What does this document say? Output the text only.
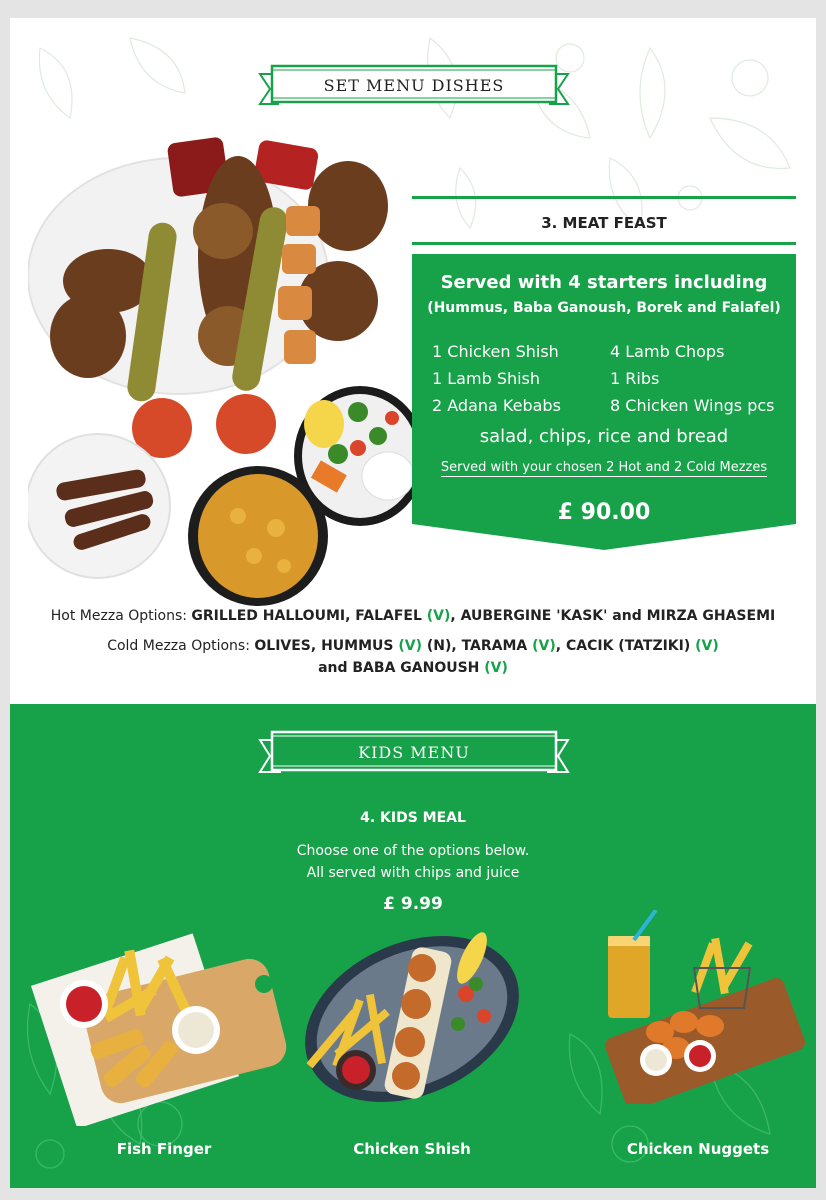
SET MENU DISHES
3. MEAT FEAST
Served with 4 starters including
(Hummus, Baba Ganoush, Borek and Falafel)
1 Chicken Shish
1 Lamb Shish
2 Adana Kebabs
4 Lamb Chops
1 Ribs
8 Chicken Wings pcs
salad, chips, rice and bread
Served with your chosen 2 Hot and 2 Cold Mezzes
£ 90.00
Hot Mezza Options: GRILLED HALLOUMI, FALAFEL (V), AUBERGINE 'KASK' and MIRZA GHASEMI
Cold Mezza Options: OLIVES, HUMMUS (V) (N), TARAMA (V), CACIK (TATZIKI) (V)
and BABA GANOUSH (V)
KIDS MENU
4. KIDS MEAL
Choose one of the options below.
All served with chips and juice
£ 9.99
Fish Finger	Chicken Shish	Chicken Nuggets
